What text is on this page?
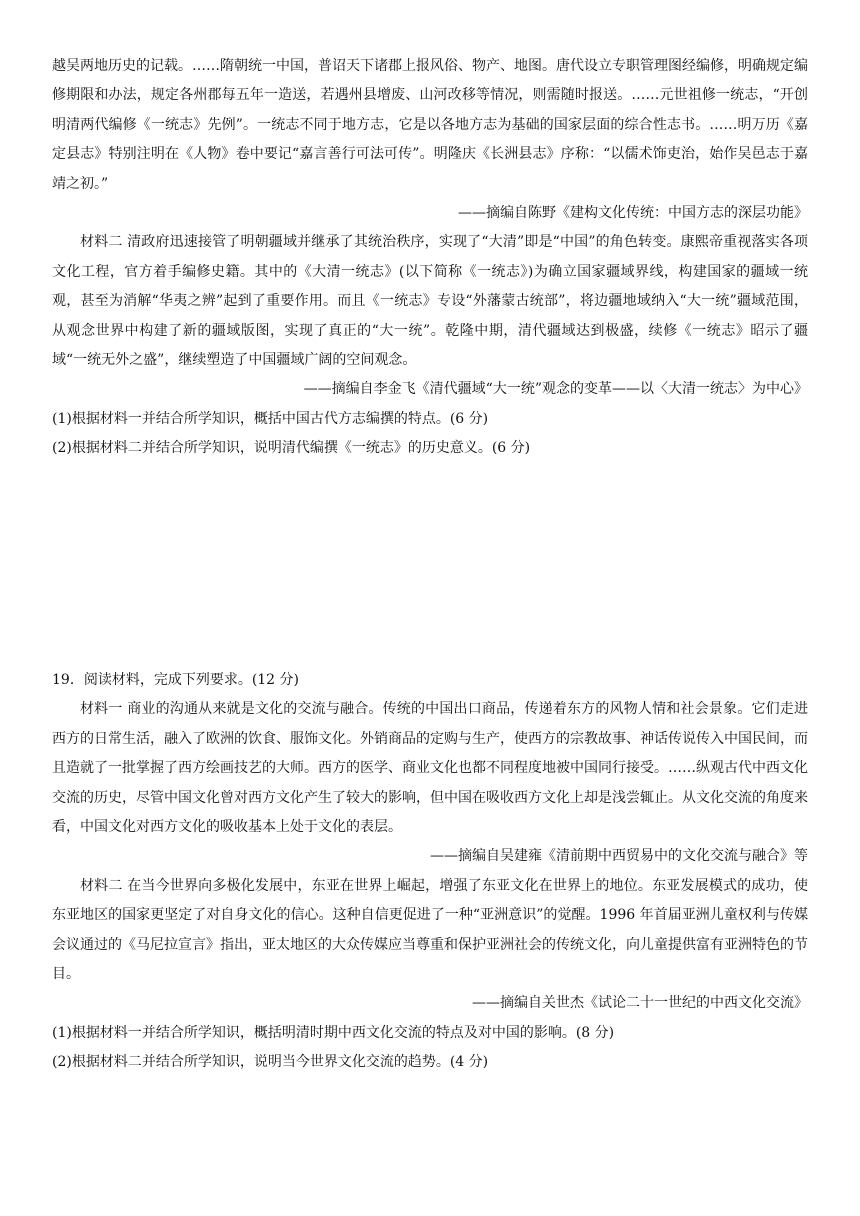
越吴两地历史的记载。……隋朝统一中国，普诏天下诸郡上报风俗、物产、地图。唐代设立专职管理图经编修，明确规定编修期限和办法，规定各州郡每五年一造送，若遇州县增废、山河改移等情况，则需随时报送。……元世祖修一统志，“开创明清两代编修《一统志》先例”。一统志不同于地方志，它是以各地方志为基础的国家层面的综合性志书。……明万历《嘉定县志》特别注明在《人物》卷中要记“嘉言善行可法可传”。明隆庆《长洲县志》序称：“以儒术饰吏治，始作吴邑志于嘉靖之初。”

——摘编自陈野《建构文化传统：中国方志的深层功能》

材料二 清政府迅速接管了明朝疆域并继承了其统治秩序，实现了“大清”即是“中国”的角色转变。康熙帝重视落实各项文化工程，官方着手编修史籍。其中的《大清一统志》(以下简称《一统志》)为确立国家疆域界线，构建国家的疆域一统观，甚至为消解“华夷之辨”起到了重要作用。而且《一统志》专设“外藩蒙古统部”，将边疆地域纳入“大一统”疆域范围，从观念世界中构建了新的疆域版图，实现了真正的“大一统”。乾隆中期，清代疆域达到极盛，续修《一统志》昭示了疆域“一统无外之盛”，继续塑造了中国疆域广阔的空间观念。

——摘编自李金飞《清代疆域“大一统”观念的变革——以〈大清一统志〉为中心》

(1)根据材料一并结合所学知识，概括中国古代方志编撰的特点。(6 分)

(2)根据材料二并结合所学知识，说明清代编撰《一统志》的历史意义。(6 分)

19．阅读材料，完成下列要求。(12 分)

材料一 商业的沟通从来就是文化的交流与融合。传统的中国出口商品，传递着东方的风物人情和社会景象。它们走进西方的日常生活，融入了欧洲的饮食、服饰文化。外销商品的定购与生产，使西方的宗教故事、神话传说传入中国民间，而且造就了一批掌握了西方绘画技艺的大师。西方的医学、商业文化也都不同程度地被中国同行接受。……纵观古代中西文化交流的历史，尽管中国文化曾对西方文化产生了较大的影响，但中国在吸收西方文化上却是浅尝辄止。从文化交流的角度来看，中国文化对西方文化的吸收基本上处于文化的表层。

——摘编自吴建雍《清前期中西贸易中的文化交流与融合》等

材料二 在当今世界向多极化发展中，东亚在世界上崛起，增强了东亚文化在世界上的地位。东亚发展模式的成功，使东亚地区的国家更坚定了对自身文化的信心。这种自信更促进了一种“亚洲意识”的觉醒。1996 年首届亚洲儿童权利与传媒会议通过的《马尼拉宣言》指出，亚太地区的大众传媒应当尊重和保护亚洲社会的传统文化，向儿童提供富有亚洲特色的节目。

——摘编自关世杰《试论二十一世纪的中西文化交流》

(1)根据材料一并结合所学知识，概括明清时期中西文化交流的特点及对中国的影响。(8 分)

(2)根据材料二并结合所学知识，说明当今世界文化交流的趋势。(4 分)
